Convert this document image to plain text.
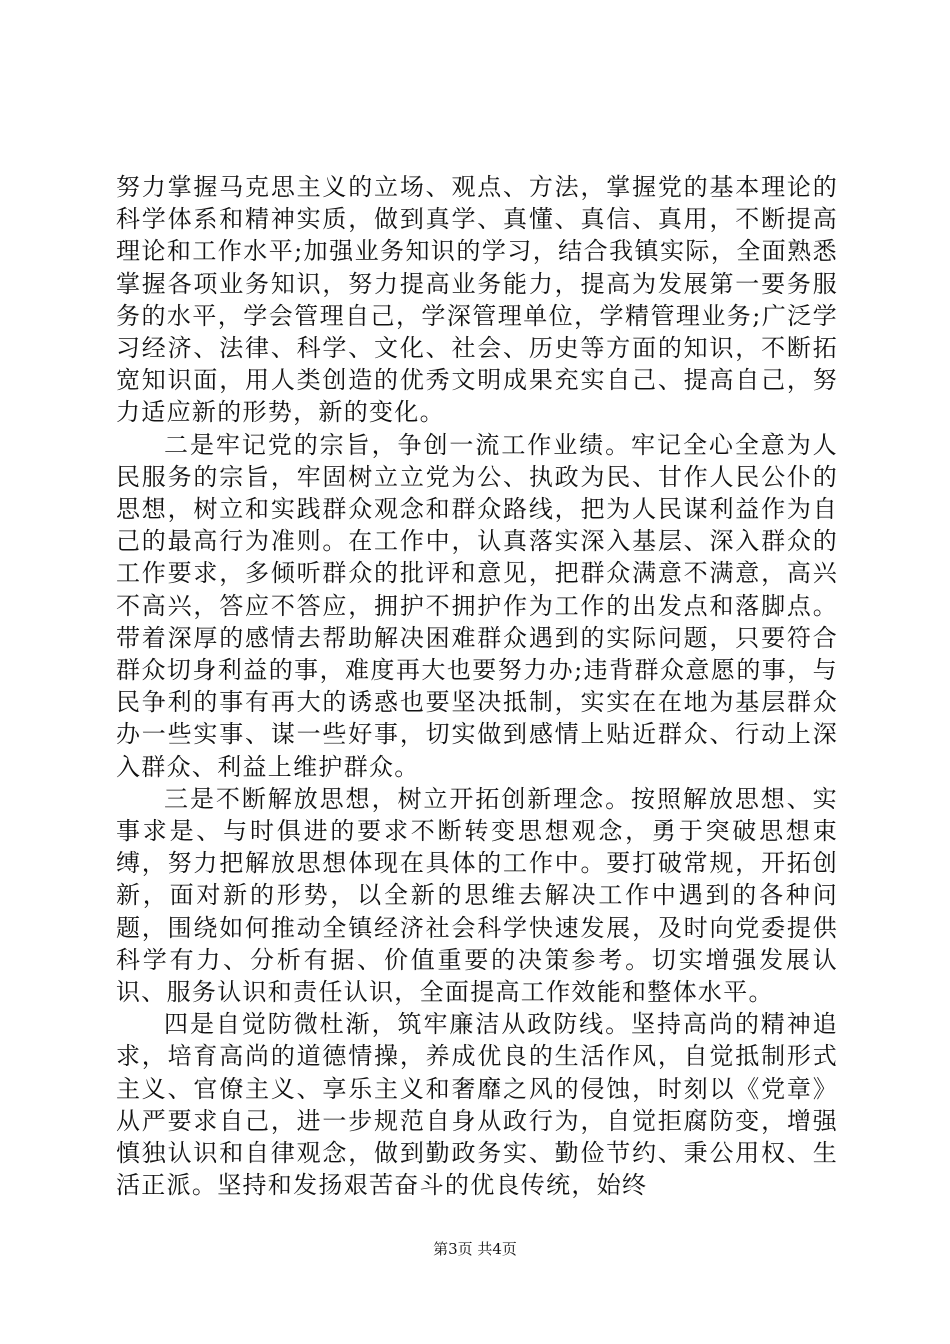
努力掌握马克思主义的立场、观点、方法，掌握党的基本理论的科学体系和精神实质，做到真学、真懂、真信、真用，不断提高理论和工作水平;加强业务知识的学习，结合我镇实际，全面熟悉掌握各项业务知识，努力提高业务能力，提高为发展第一要务服务的水平，学会管理自己，学深管理单位，学精管理业务;广泛学习经济、法律、科学、文化、社会、历史等方面的知识，不断拓宽知识面，用人类创造的优秀文明成果充实自己、提高自己，努力适应新的形势，新的变化。

二是牢记党的宗旨，争创一流工作业绩。牢记全心全意为人民服务的宗旨，牢固树立立党为公、执政为民、甘作人民公仆的思想，树立和实践群众观念和群众路线，把为人民谋利益作为自己的最高行为准则。在工作中，认真落实深入基层、深入群众的工作要求，多倾听群众的批评和意见，把群众满意不满意，高兴不高兴，答应不答应，拥护不拥护作为工作的出发点和落脚点。带着深厚的感情去帮助解决困难群众遇到的实际问题，只要符合群众切身利益的事，难度再大也要努力办;违背群众意愿的事，与民争利的事有再大的诱惑也要坚决抵制，实实在在地为基层群众办一些实事、谋一些好事，切实做到感情上贴近群众、行动上深入群众、利益上维护群众。

三是不断解放思想，树立开拓创新理念。按照解放思想、实事求是、与时俱进的要求不断转变思想观念，勇于突破思想束缚，努力把解放思想体现在具体的工作中。要打破常规，开拓创新，面对新的形势，以全新的思维去解决工作中遇到的各种问题，围绕如何推动全镇经济社会科学快速发展，及时向党委提供科学有力、分析有据、价值重要的决策参考。切实增强发展认识、服务认识和责任认识，全面提高工作效能和整体水平。

四是自觉防微杜渐，筑牢廉洁从政防线。坚持高尚的精神追求，培育高尚的道德情操，养成优良的生活作风，自觉抵制形式主义、官僚主义、享乐主义和奢靡之风的侵蚀，时刻以《党章》从严要求自己，进一步规范自身从政行为，自觉拒腐防变，增强慎独认识和自律观念，做到勤政务实、勤俭节约、秉公用权、生活正派。坚持和发扬艰苦奋斗的优良传统，始终

第3页 共4页
